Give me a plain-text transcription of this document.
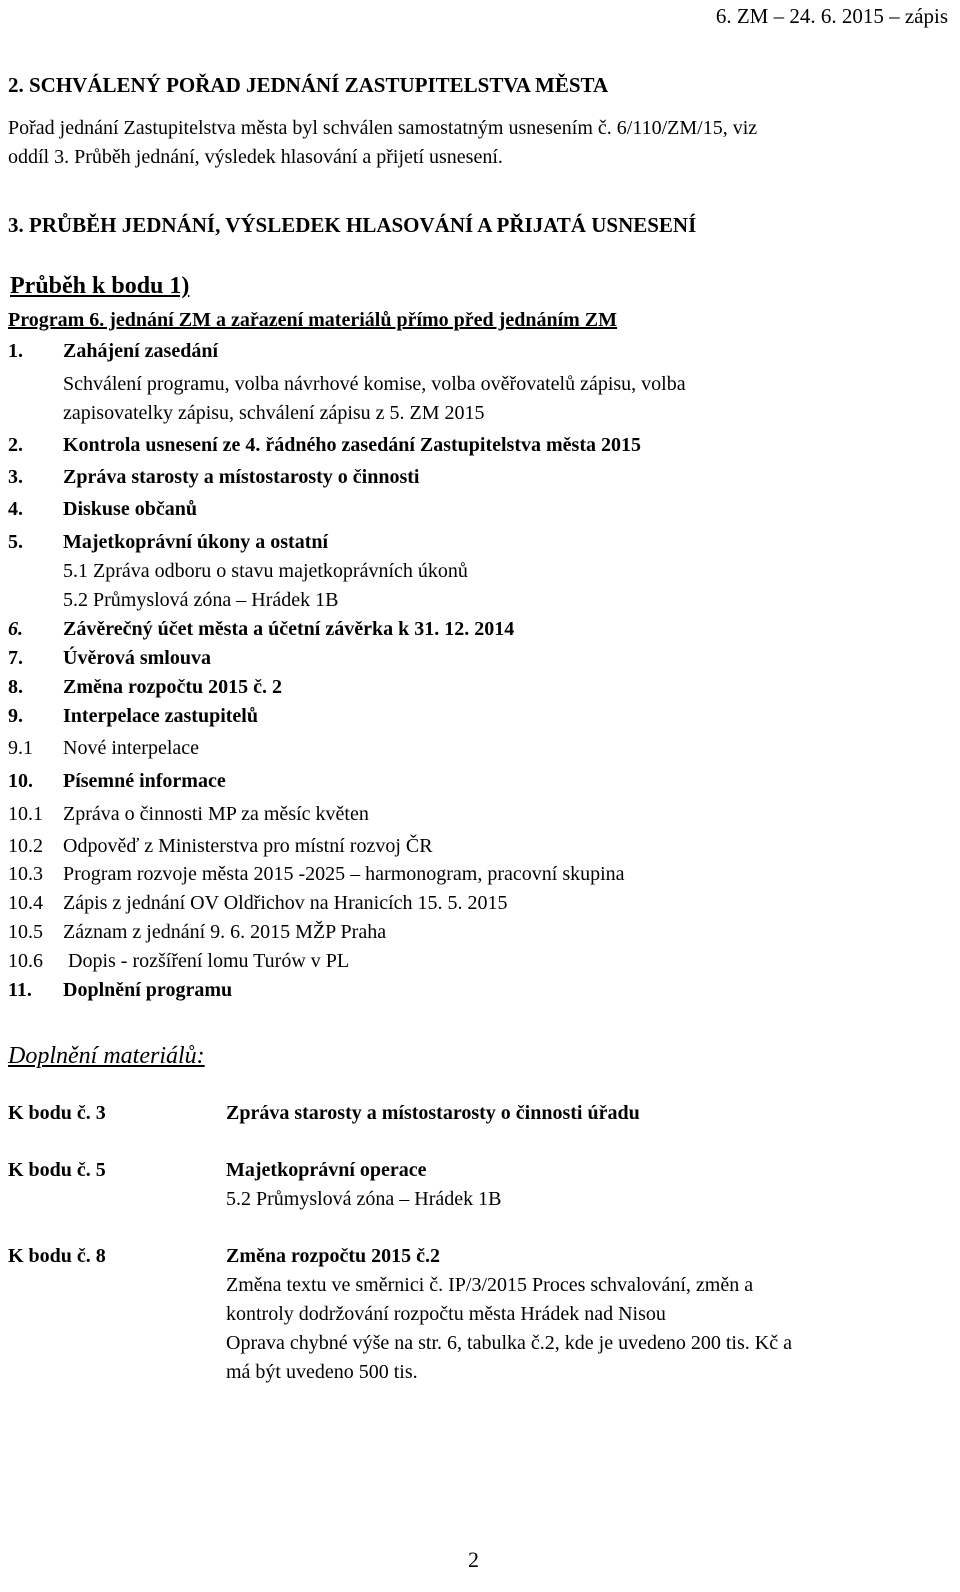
6. ZM – 24. 6. 2015 – zápis
2. SCHVÁLENÝ POŘAD JEDNÁNÍ ZASTUPITELSTVA MĚSTA
Pořad jednání Zastupitelstva města byl schválen samostatným usnesením č. 6/110/ZM/15, viz
oddíl 3. Průběh jednání, výsledek hlasování a přijetí usnesení.
3. PRŮBĚH JEDNÁNÍ, VÝSLEDEK HLASOVÁNÍ A PŘIJATÁ USNESENÍ
Průběh k bodu 1)
Program 6. jednání ZM a zařazení materiálů přímo před jednáním ZM
1. Zahájení zasedání
Schválení programu, volba návrhové komise, volba ověřovatelů zápisu, volba
zapisovatelky zápisu, schválení zápisu z 5. ZM 2015
2. Kontrola usnesení ze 4. řádného zasedání Zastupitelstva města 2015
3. Zpráva starosty a místostarosty o činnosti
4. Diskuse občanů
5. Majetkoprávní úkony a ostatní
5.1 Zpráva odboru o stavu majetkoprávních úkonů
5.2 Průmyslová zóna – Hrádek 1B
6. Závěrečný účet města a účetní závěrka k 31. 12. 2014
7. Úvěrová smlouva
8. Změna rozpočtu 2015 č. 2
9. Interpelace zastupitelů
9.1 Nové interpelace
10. Písemné informace
10.1 Zpráva o činnosti MP za měsíc květen
10.2 Odpověď z Ministerstva pro místní rozvoj ČR
10.3 Program rozvoje města 2015 -2025 – harmonogram, pracovní skupina
10.4 Zápis z jednání OV Oldřichov na Hranicích 15. 5. 2015
10.5 Záznam z jednání 9. 6. 2015 MŽP Praha
10.6 Dopis - rozšíření lomu Turów v PL
11. Doplnění programu
Doplnění materiálů:
K bodu č. 3	Zpráva starosty a místostarosty o činnosti úřadu
K bodu č. 5	Majetkoprávní operace
5.2 Průmyslová zóna – Hrádek 1B
K bodu č. 8	Změna rozpočtu 2015 č.2
Změna textu ve směrnici č. IP/3/2015 Proces schvalování, změn a
kontroly dodržování rozpočtu města Hrádek nad Nisou
Oprava chybné výše na str. 6, tabulka č.2, kde je uvedeno 200 tis. Kč a
má být uvedeno 500 tis.
2
